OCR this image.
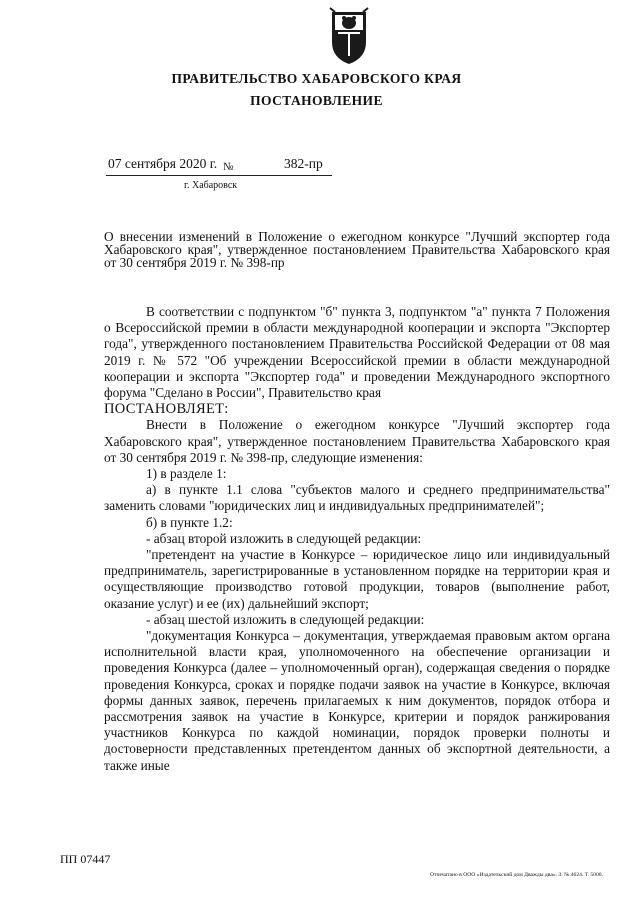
ПРАВИТЕЛЬСТВО ХАБАРОВСКОГО КРАЯ
ПОСТАНОВЛЕНИЕ
07 сентября 2020 г. №	382-пр
г. Хабаровск
О внесении изменений в Положение о ежегодном конкурсе "Лучший экспортер года Хабаровского края", утвержденное постановлением Правительства Хабаровского края от 30 сентября 2019 г. № 398-пр

В соответствии с подпунктом "б" пункта 3, подпунктом "а" пункта 7 Положения о Всероссийской премии в области международной кооперации и экспорта "Экспортер года", утвержденного постановлением Правительства Российской Федерации от 08 мая 2019 г. № 572 "Об учреждении Всероссийской премии в области международной кооперации и экспорта "Экспортер года" и проведении Международного экспортного форума "Сделано в России", Правительство края

ПОСТАНОВЛЯЕТ:

Внести в Положение о ежегодном конкурсе "Лучший экспортер года Хабаровского края", утвержденное постановлением Правительства Хабаровского края от 30 сентября 2019 г. № 398-пр, следующие изменения:

1) в разделе 1:

а) в пункте 1.1 слова "субъектов малого и среднего предпринимательства" заменить словами "юридических лиц и индивидуальных предпринимателей";

б) в пункте 1.2:

- абзац второй изложить в следующей редакции:

"претендент на участие в Конкурсе – юридическое лицо или индивидуальный предприниматель, зарегистрированные в установленном порядке на территории края и осуществляющие производство готовой продукции, товаров (выполнение работ, оказание услуг) и ее (их) дальнейший экспорт;

- абзац шестой изложить в следующей редакции:

"документация Конкурса – документация, утверждаемая правовым актом органа исполнительной власти края, уполномоченного на обеспечение организации и проведения Конкурса (далее – уполномоченный орган), содержащая сведения о порядке проведения Конкурса, сроках и порядке подачи заявок на участие в Конкурсе, включая формы данных заявок, перечень прилагаемых к ним документов, порядок отбора и рассмотрения заявок на участие в Конкурсе, критерии и порядок ранжирования участников Конкурса по каждой номинации, порядок проверки полноты и достоверности представленных претендентом данных об экспортной деятельности, а также иные

ПП 07447
Отпечатано в ООО «Издательский дом Дважды два». З. № 4624. Т. 5000.
